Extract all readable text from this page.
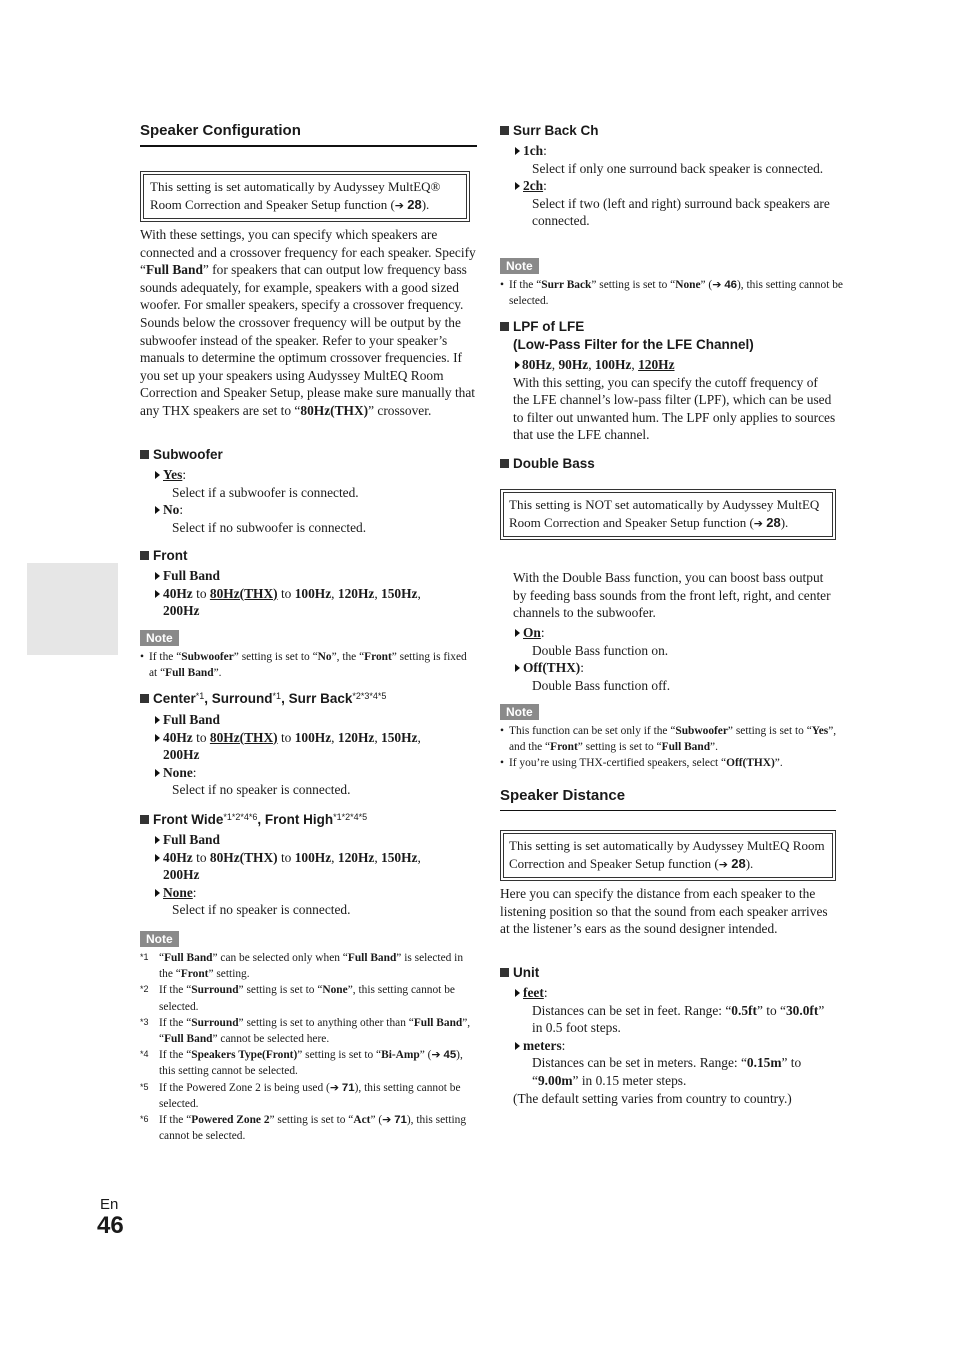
Speaker Configuration
This setting is set automatically by Audyssey MultEQ® Room Correction and Speaker Setup function (➔ 28).
With these settings, you can specify which speakers are connected and a crossover frequency for each speaker. Specify “Full Band” for speakers that can output low frequency bass sounds adequately, for example, speakers with a good sized woofer. For smaller speakers, specify a crossover frequency. Sounds below the crossover frequency will be output by the subwoofer instead of the speaker. Refer to your speaker’s manuals to determine the optimum crossover frequencies. If you set up your speakers using Audyssey MultEQ Room Correction and Speaker Setup, please make sure manually that any THX speakers are set to “80Hz(THX)” crossover.
Subwoofer
Yes:
Select if a subwoofer is connected.
No:
Select if no subwoofer is connected.
Front
Full Band
40Hz to 80Hz(THX) to 100Hz, 120Hz, 150Hz,
200Hz
Note
• If the “Subwoofer” setting is set to “No”, the “Front” setting is fixed at “Full Band”.
Center$^{*1}$, Surround$^{*1}$, Surr Back$^{*2*3*4*5}$
Full Band
40Hz to 80Hz(THX) to 100Hz, 120Hz, 150Hz,
200Hz
None:
Select if no speaker is connected.
Front Wide$^{*1*2*4*6}$, Front High$^{*1*2*4*5}$
Full Band
40Hz to 80Hz(THX) to 100Hz, 120Hz, 150Hz,
200Hz
None:
Select if no speaker is connected.
Note
*1 “Full Band” can be selected only when “Full Band” is selected in the “Front” setting.
*2 If the “Surround” setting is set to “None”, this setting cannot be selected.
*3 If the “Surround” setting is set to anything other than “Full Band”, “Full Band” cannot be selected here.
*4 If the “Speakers Type(Front)” setting is set to “Bi-Amp” (➔ 45), this setting cannot be selected.
*5 If the Powered Zone 2 is being used (➔ 71), this setting cannot be selected.
*6 If the “Powered Zone 2” setting is set to “Act” (➔ 71), this setting cannot be selected.
Surr Back Ch
1ch:
Select if only one surround back speaker is connected.
2ch:
Select if two (left and right) surround back speakers are connected.
Note
• If the “Surr Back” setting is set to “None” (➔ 46), this setting cannot be selected.
LPF of LFE
(Low-Pass Filter for the LFE Channel)
80Hz, 90Hz, 100Hz, 120Hz
With this setting, you can specify the cutoff frequency of the LFE channel’s low-pass filter (LPF), which can be used to filter out unwanted hum. The LPF only applies to sources that use the LFE channel.
Double Bass
This setting is NOT set automatically by Audyssey MultEQ Room Correction and Speaker Setup function (➔ 28).
With the Double Bass function, you can boost bass output by feeding bass sounds from the front left, right, and center channels to the subwoofer.
On:
Double Bass function on.
Off(THX):
Double Bass function off.
Note
• This function can be set only if the “Subwoofer” setting is set to “Yes”, and the “Front” setting is set to “Full Band”.
• If you’re using THX-certified speakers, select “Off(THX)”.
Speaker Distance
This setting is set automatically by Audyssey MultEQ Room Correction and Speaker Setup function (➔ 28).
Here you can specify the distance from each speaker to the listening position so that the sound from each speaker arrives at the listener’s ears as the sound designer intended.
Unit
feet:
Distances can be set in feet. Range: “0.5ft” to “30.0ft” in 0.5 foot steps.
meters:
Distances can be set in meters. Range: “0.15m” to “9.00m” in 0.15 meter steps.
(The default setting varies from country to country.)
En
46
